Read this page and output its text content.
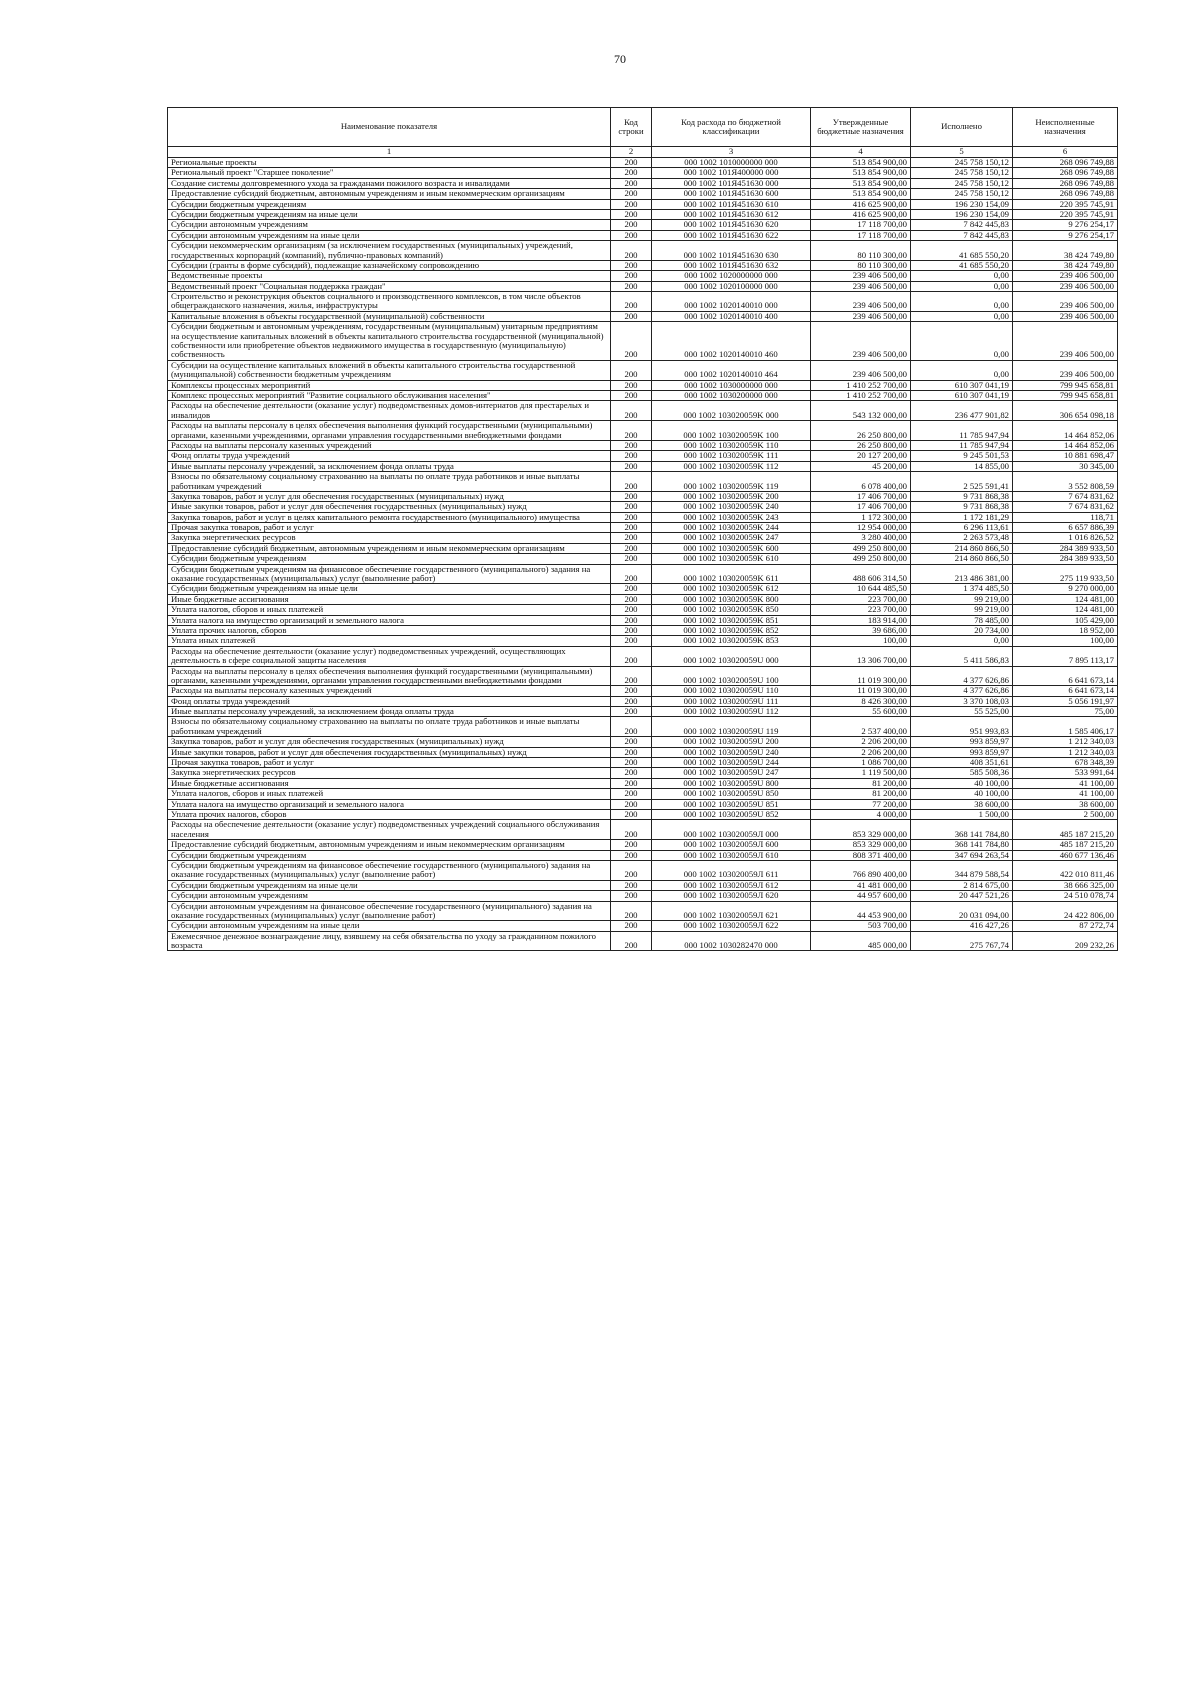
70
Наименование показателя	Код строки	Код расхода по бюджетной классификации	Утвержденные бюджетные назначения	Исполнено	Неисполненные назначения
1	2	3	4	5	6
Региональные проекты	200	000 1002 1010000000 000	513 854 900,00	245 758 150,12	268 096 749,88
Региональный проект "Старшее поколение"	200	000 1002 101Я400000 000	513 854 900,00	245 758 150,12	268 096 749,88
Создание системы долговременного ухода за гражданами пожилого возраста и инвалидами	200	000 1002 101Я451630 000	513 854 900,00	245 758 150,12	268 096 749,88
Предоставление субсидий бюджетным, автономным учреждениям и иным некоммерческим организациям	200	000 1002 101Я451630 600	513 854 900,00	245 758 150,12	268 096 749,88
Субсидии бюджетным учреждениям	200	000 1002 101Я451630 610	416 625 900,00	196 230 154,09	220 395 745,91
Субсидии бюджетным учреждениям на иные цели	200	000 1002 101Я451630 612	416 625 900,00	196 230 154,09	220 395 745,91
Субсидии автономным учреждениям	200	000 1002 101Я451630 620	17 118 700,00	7 842 445,83	9 276 254,17
Субсидии автономным учреждениям на иные цели	200	000 1002 101Я451630 622	17 118 700,00	7 842 445,83	9 276 254,17
Субсидии некоммерческим организациям (за исключением государственных (муниципальных) учреждений, государственных корпораций (компаний), публично-правовых компаний)	200	000 1002 101Я451630 630	80 110 300,00	41 685 550,20	38 424 749,80
Субсидии (гранты в форме субсидий), подлежащие казначейскому сопровождению	200	000 1002 101Я451630 632	80 110 300,00	41 685 550,20	38 424 749,80
Ведомственные проекты	200	000 1002 1020000000 000	239 406 500,00	0,00	239 406 500,00
Ведомственный проект "Социальная поддержка граждан"	200	000 1002 1020100000 000	239 406 500,00	0,00	239 406 500,00
Строительство и реконструкция объектов социального и производственного комплексов, в том числе объектов общегражданского назначения, жилья, инфраструктуры	200	000 1002 1020140010 000	239 406 500,00	0,00	239 406 500,00
Капитальные вложения в объекты государственной (муниципальной) собственности	200	000 1002 1020140010 400	239 406 500,00	0,00	239 406 500,00
Субсидии бюджетным и автономным учреждениям, государственным (муниципальным) унитарным предприятиям на осуществление капитальных вложений в объекты капитального строительства государственной (муниципальной) собственности или приобретение объектов недвижимого имущества в государственную (муниципальную) собственность	200	000 1002 1020140010 460	239 406 500,00	0,00	239 406 500,00
Субсидии на осуществление капитальных вложений в объекты капитального строительства государственной (муниципальной) собственности бюджетным учреждениям	200	000 1002 1020140010 464	239 406 500,00	0,00	239 406 500,00
Комплексы процессных мероприятий	200	000 1002 1030000000 000	1 410 252 700,00	610 307 041,19	799 945 658,81
Комплекс процессных мероприятий "Развитие социального обслуживания населения"	200	000 1002 1030200000 000	1 410 252 700,00	610 307 041,19	799 945 658,81
Расходы на обеспечение деятельности (оказание услуг) подведомственных домов-интернатов для престарелых и инвалидов	200	000 1002 103020059K 000	543 132 000,00	236 477 901,82	306 654 098,18
Расходы на выплаты персоналу в целях обеспечения выполнения функций государственными (муниципальными) органами, казенными учреждениями, органами управления государственными внебюджетными фондами	200	000 1002 103020059K 100	26 250 800,00	11 785 947,94	14 464 852,06
Расходы на выплаты персоналу казенных учреждений	200	000 1002 103020059K 110	26 250 800,00	11 785 947,94	14 464 852,06
Фонд оплаты труда учреждений	200	000 1002 103020059K 111	20 127 200,00	9 245 501,53	10 881 698,47
Иные выплаты персоналу учреждений, за исключением фонда оплаты труда	200	000 1002 103020059K 112	45 200,00	14 855,00	30 345,00
Взносы по обязательному социальному страхованию на выплаты по оплате труда работников и иные выплаты работникам учреждений	200	000 1002 103020059K 119	6 078 400,00	2 525 591,41	3 552 808,59
Закупка товаров, работ и услуг для обеспечения государственных (муниципальных) нужд	200	000 1002 103020059K 200	17 406 700,00	9 731 868,38	7 674 831,62
Иные закупки товаров, работ и услуг для обеспечения государственных (муниципальных) нужд	200	000 1002 103020059K 240	17 406 700,00	9 731 868,38	7 674 831,62
Закупка товаров, работ и услуг в целях капитального ремонта государственного (муниципального) имущества	200	000 1002 103020059K 243	1 172 300,00	1 172 181,29	118,71
Прочая закупка товаров, работ и услуг	200	000 1002 103020059K 244	12 954 000,00	6 296 113,61	6 657 886,39
Закупка энергетических ресурсов	200	000 1002 103020059K 247	3 280 400,00	2 263 573,48	1 016 826,52
Предоставление субсидий бюджетным, автономным учреждениям и иным некоммерческим организациям	200	000 1002 103020059K 600	499 250 800,00	214 860 866,50	284 389 933,50
Субсидии бюджетным учреждениям	200	000 1002 103020059K 610	499 250 800,00	214 860 866,50	284 389 933,50
Субсидии бюджетным учреждениям на финансовое обеспечение государственного (муниципального) задания на оказание государственных (муниципальных) услуг (выполнение работ)	200	000 1002 103020059K 611	488 606 314,50	213 486 381,00	275 119 933,50
Субсидии бюджетным учреждениям на иные цели	200	000 1002 103020059K 612	10 644 485,50	1 374 485,50	9 270 000,00
Иные бюджетные ассигнования	200	000 1002 103020059K 800	223 700,00	99 219,00	124 481,00
Уплата налогов, сборов и иных платежей	200	000 1002 103020059K 850	223 700,00	99 219,00	124 481,00
Уплата налога на имущество организаций и земельного налога	200	000 1002 103020059K 851	183 914,00	78 485,00	105 429,00
Уплата прочих налогов, сборов	200	000 1002 103020059K 852	39 686,00	20 734,00	18 952,00
Уплата иных платежей	200	000 1002 103020059K 853	100,00	0,00	100,00
Расходы на обеспечение деятельности (оказание услуг) подведомственных учреждений, осуществляющих деятельность в сфере социальной защиты населения	200	000 1002 103020059U 000	13 306 700,00	5 411 586,83	7 895 113,17
Расходы на выплаты персоналу в целях обеспечения выполнения функций государственными (муниципальными) органами, казенными учреждениями, органами управления государственными внебюджетными фондами	200	000 1002 103020059U 100	11 019 300,00	4 377 626,86	6 641 673,14
Расходы на выплаты персоналу казенных учреждений	200	000 1002 103020059U 110	11 019 300,00	4 377 626,86	6 641 673,14
Фонд оплаты труда учреждений	200	000 1002 103020059U 111	8 426 300,00	3 370 108,03	5 056 191,97
Иные выплаты персоналу учреждений, за исключением фонда оплаты труда	200	000 1002 103020059U 112	55 600,00	55 525,00	75,00
Взносы по обязательному социальному страхованию на выплаты по оплате труда работников и иные выплаты работникам учреждений	200	000 1002 103020059U 119	2 537 400,00	951 993,83	1 585 406,17
Закупка товаров, работ и услуг для обеспечения государственных (муниципальных) нужд	200	000 1002 103020059U 200	2 206 200,00	993 859,97	1 212 340,03
Иные закупки товаров, работ и услуг для обеспечения государственных (муниципальных) нужд	200	000 1002 103020059U 240	2 206 200,00	993 859,97	1 212 340,03
Прочая закупка товаров, работ и услуг	200	000 1002 103020059U 244	1 086 700,00	408 351,61	678 348,39
Закупка энергетических ресурсов	200	000 1002 103020059U 247	1 119 500,00	585 508,36	533 991,64
Иные бюджетные ассигнования	200	000 1002 103020059U 800	81 200,00	40 100,00	41 100,00
Уплата налогов, сборов и иных платежей	200	000 1002 103020059U 850	81 200,00	40 100,00	41 100,00
Уплата налога на имущество организаций и земельного налога	200	000 1002 103020059U 851	77 200,00	38 600,00	38 600,00
Уплата прочих налогов, сборов	200	000 1002 103020059U 852	4 000,00	1 500,00	2 500,00
Расходы на обеспечение деятельности (оказание услуг) подведомственных учреждений социального обслуживания населения	200	000 1002 103020059Л 000	853 329 000,00	368 141 784,80	485 187 215,20
Предоставление субсидий бюджетным, автономным учреждениям и иным некоммерческим организациям	200	000 1002 103020059Л 600	853 329 000,00	368 141 784,80	485 187 215,20
Субсидии бюджетным учреждениям	200	000 1002 103020059Л 610	808 371 400,00	347 694 263,54	460 677 136,46
Субсидии бюджетным учреждениям на финансовое обеспечение государственного (муниципального) задания на оказание государственных (муниципальных) услуг (выполнение работ)	200	000 1002 103020059Л 611	766 890 400,00	344 879 588,54	422 010 811,46
Субсидии бюджетным учреждениям на иные цели	200	000 1002 103020059Л 612	41 481 000,00	2 814 675,00	38 666 325,00
Субсидии автономным учреждениям	200	000 1002 103020059Л 620	44 957 600,00	20 447 521,26	24 510 078,74
Субсидии автономным учреждениям на финансовое обеспечение государственного (муниципального) задания на оказание государственных (муниципальных) услуг (выполнение работ)	200	000 1002 103020059Л 621	44 453 900,00	20 031 094,00	24 422 806,00
Субсидии автономным учреждениям на иные цели	200	000 1002 103020059Л 622	503 700,00	416 427,26	87 272,74
Ежемесячное денежное вознаграждение лицу, взявшему на себя обязательства по уходу за гражданином пожилого возраста	200	000 1002 1030282470 000	485 000,00	275 767,74	209 232,26
